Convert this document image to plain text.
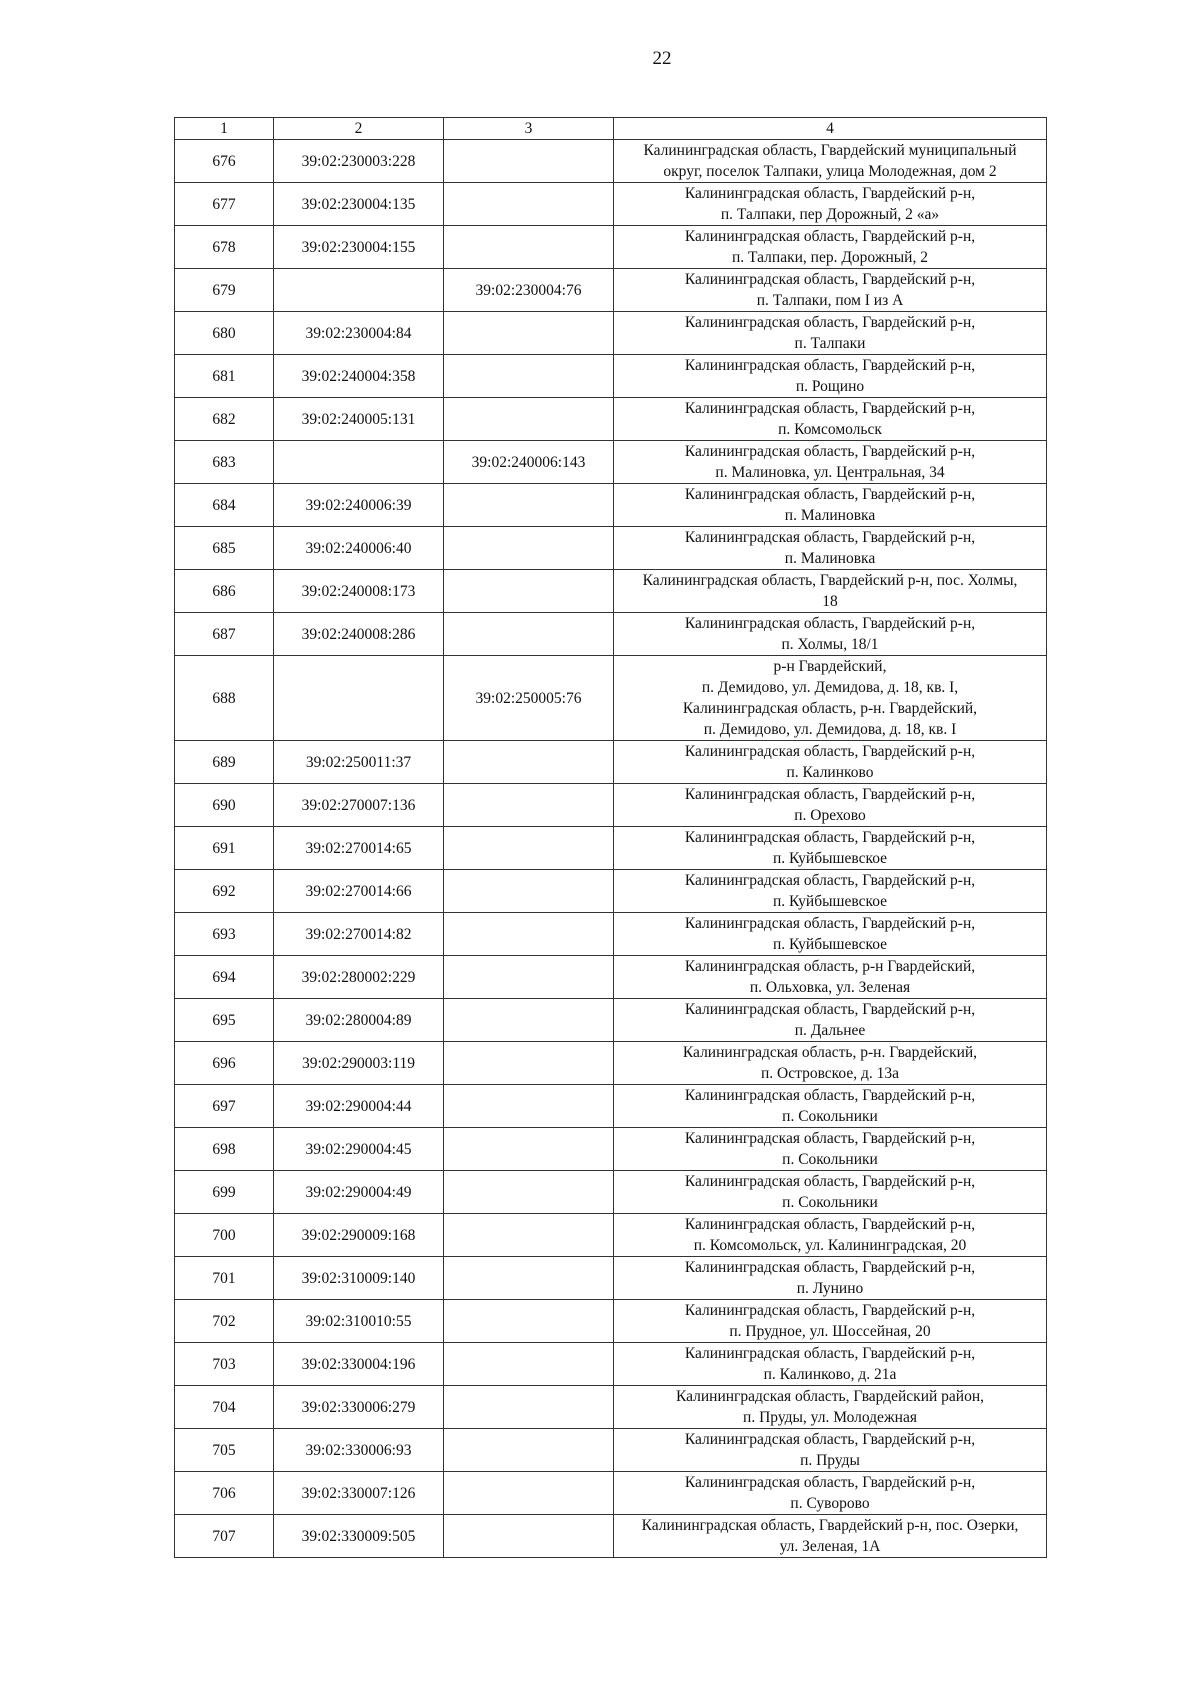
22
1	2	3	4
676	39:02:230003:228		Калининградская область, Гвардейский муниципальный
округ, поселок Талпаки, улица Молодежная, дом 2

677	39:02:230004:135		Калининградская область, Гвардейский р-н,
п. Талпаки, пер Дорожный, 2 «а»

678	39:02:230004:155		Калининградская область, Гвардейский р-н,
п. Талпаки, пер. Дорожный, 2

679		39:02:230004:76	Калининградская область, Гвардейский р-н,
п. Талпаки, пом I из А

680	39:02:230004:84		Калининградская область, Гвардейский р-н,
п. Талпаки

681	39:02:240004:358		Калининградская область, Гвардейский р-н,
п. Рощино

682	39:02:240005:131		Калининградская область, Гвардейский р-н,
п. Комсомольск

683		39:02:240006:143	Калининградская область, Гвардейский р-н,
п. Малиновка, ул. Центральная, 34

684	39:02:240006:39		Калининградская область, Гвардейский р-н,
п. Малиновка

685	39:02:240006:40		Калининградская область, Гвардейский р-н,
п. Малиновка

686	39:02:240008:173		Калининградская область, Гвардейский р-н, пос. Холмы,
18

687	39:02:240008:286		Калининградская область, Гвардейский р-н,
п. Холмы, 18/1

688		39:02:250005:76	р-н Гвардейский,
п. Демидово, ул. Демидова, д. 18, кв. I,
Калининградская область, р-н. Гвардейский,
п. Демидово, ул. Демидова, д. 18, кв. I

689	39:02:250011:37		Калининградская область, Гвардейский р-н,
п. Калинково

690	39:02:270007:136		Калининградская область, Гвардейский р-н,
п. Орехово

691	39:02:270014:65		Калининградская область, Гвардейский р-н,
п. Куйбышевское

692	39:02:270014:66		Калининградская область, Гвардейский р-н,
п. Куйбышевское

693	39:02:270014:82		Калининградская область, Гвардейский р-н,
п. Куйбышевское

694	39:02:280002:229		Калининградская область, р-н Гвардейский,
п. Ольховка, ул. Зеленая

695	39:02:280004:89		Калининградская область, Гвардейский р-н,
п. Дальнее

696	39:02:290003:119		Калининградская область, р-н. Гвардейский,
п. Островское, д. 13а

697	39:02:290004:44		Калининградская область, Гвардейский р-н,
п. Сокольники

698	39:02:290004:45		Калининградская область, Гвардейский р-н,
п. Сокольники

699	39:02:290004:49		Калининградская область, Гвардейский р-н,
п. Сокольники

700	39:02:290009:168		Калининградская область, Гвардейский р-н,
п. Комсомольск, ул. Калининградская, 20

701	39:02:310009:140		Калининградская область, Гвардейский р-н,
п. Лунино

702	39:02:310010:55		Калининградская область, Гвардейский р-н,
п. Прудное, ул. Шоссейная, 20

703	39:02:330004:196		Калининградская область, Гвардейский р-н,
п. Калинково, д. 21а

704	39:02:330006:279		Калининградская область, Гвардейский район,
п. Пруды, ул. Молодежная

705	39:02:330006:93		Калининградская область, Гвардейский р-н,
п. Пруды

706	39:02:330007:126		Калининградская область, Гвардейский р-н,
п. Суворово

707	39:02:330009:505		Калининградская область, Гвардейский р-н, пос. Озерки,
ул. Зеленая, 1А
